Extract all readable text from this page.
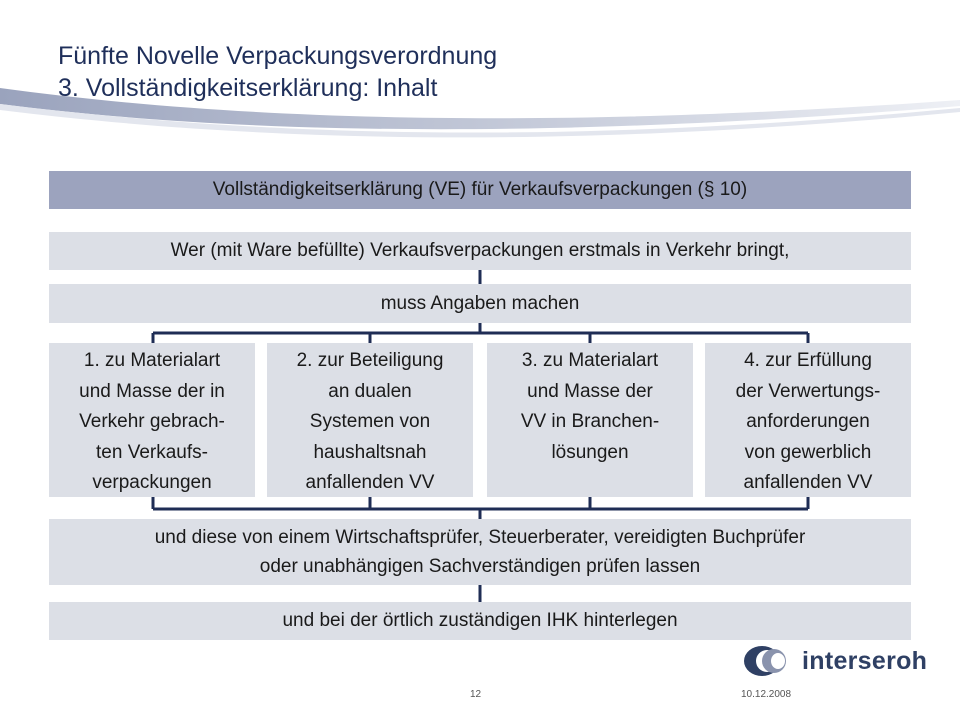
Fünfte Novelle Verpackungsverordnung
3. Vollständigkeitserklärung: Inhalt
Vollständigkeitserklärung (VE) für Verkaufsverpackungen (§ 10)
Wer (mit Ware befüllte) Verkaufsverpackungen erstmals in Verkehr bringt,
muss Angaben machen
1. zu Materialart
und Masse der in
Verkehr gebrach-
ten Verkaufs-
verpackungen
2. zur Beteiligung
an dualen
Systemen von
haushaltsnah
anfallenden VV
3. zu Materialart
und Masse der
VV in Branchen-
lösungen
4. zur Erfüllung
der Verwertungs-
anforderungen
von gewerblich
anfallenden VV
und diese von einem Wirtschaftsprüfer, Steuerberater, vereidigten Buchprüfer
oder unabhängigen Sachverständigen prüfen lassen
und bei der örtlich zuständigen IHK hinterlegen
interseroh
12	10.12.2008
